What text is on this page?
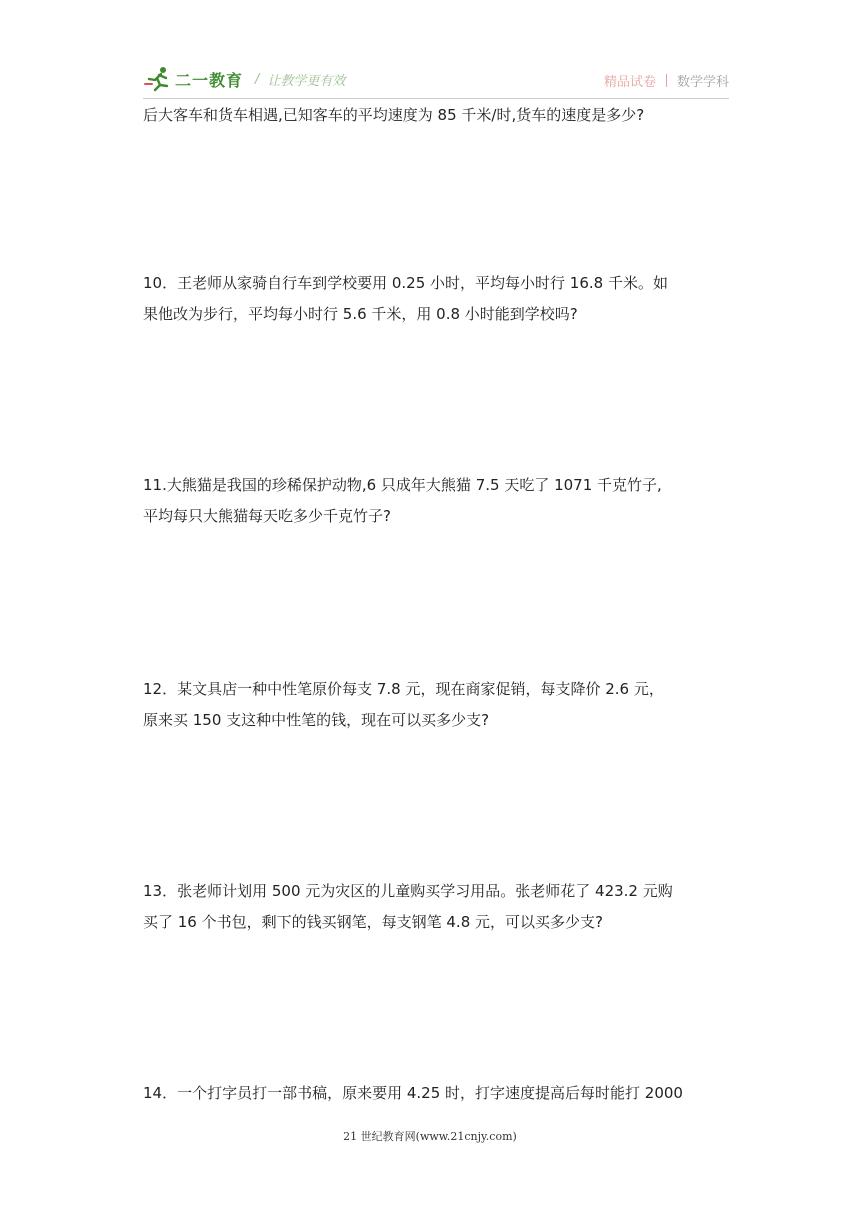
二一教育 / 让教学更有效	精品试卷 数学学科
后大客车和货车相遇,已知客车的平均速度为 85 千米/时,货车的速度是多少?
10．王老师从家骑自行车到学校要用 0.25 小时，平均每小时行 16.8 千米。如
果他改为步行，平均每小时行 5.6 千米，用 0.8 小时能到学校吗?
11.大熊猫是我国的珍稀保护动物,6 只成年大熊猫 7.5 天吃了 1071 千克竹子,
平均每只大熊猫每天吃多少千克竹子?
12．某文具店一种中性笔原价每支 7.8 元，现在商家促销，每支降价 2.6 元，
原来买 150 支这种中性笔的钱，现在可以买多少支?
13．张老师计划用 500 元为灾区的儿童购买学习用品。张老师花了 423.2 元购
买了 16 个书包，剩下的钱买钢笔，每支钢笔 4.8 元，可以买多少支?
14．一个打字员打一部书稿，原来要用 4.25 时，打字速度提高后每时能打 2000
21 世纪教育网(www.21cnjy.com)
